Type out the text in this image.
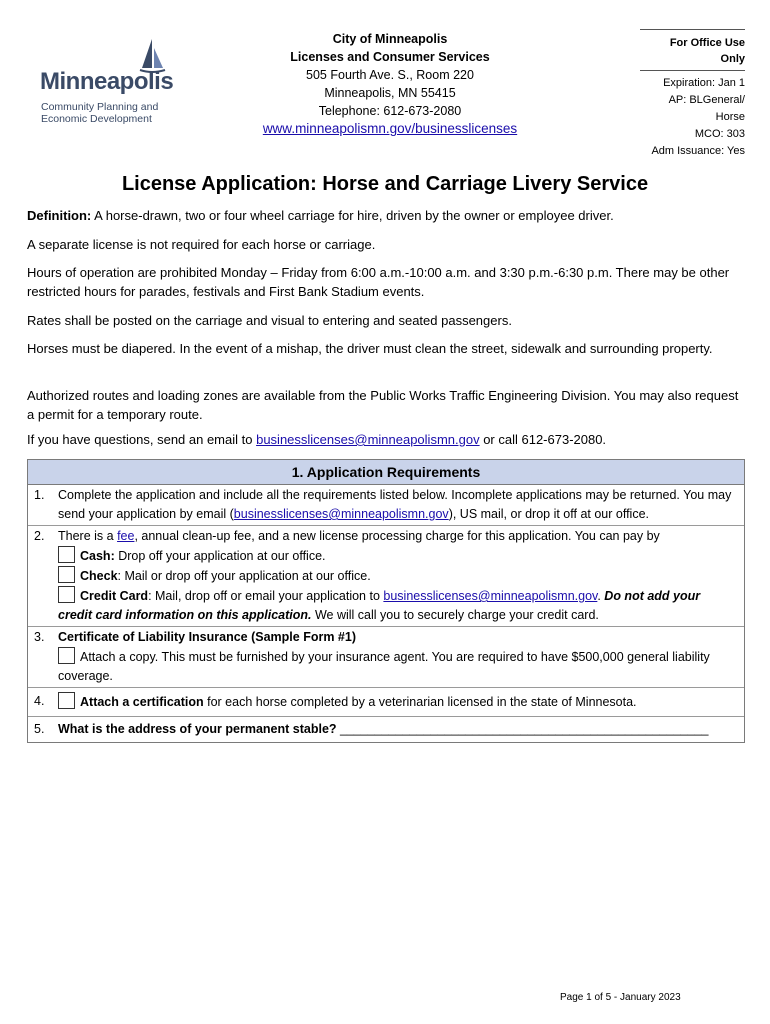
Minneapolis
Community Planning and
Economic Development
City of Minneapolis
Licenses and Consumer Services
505 Fourth Ave. S., Room 220
Minneapolis, MN 55415
Telephone: 612-673-2080
www.minneapolismn.gov/businesslicenses
For Office Use
Only
Expiration: Jan 1
AP: BLGeneral/
Horse
MCO: 303
Adm Issuance: Yes
License Application: Horse and Carriage Livery Service
Definition: A horse-drawn, two or four wheel carriage for hire, driven by the owner or employee driver.
A separate license is not required for each horse or carriage.
Hours of operation are prohibited Monday – Friday from 6:00 a.m.-10:00 a.m. and 3:30 p.m.-6:30 p.m. There may be other restricted hours for parades, festivals and First Bank Stadium events.
Rates shall be posted on the carriage and visual to entering and seated passengers.
Horses must be diapered. In the event of a mishap, the driver must clean the street, sidewalk and surrounding property.
Authorized routes and loading zones are available from the Public Works Traffic Engineering Division. You may also request a permit for a temporary route.
If you have questions, send an email to businesslicenses@minneapolismn.gov or call 612-673-2080.
1. Application Requirements
1.	Complete the application and include all the requirements listed below. Incomplete applications may be returned. You may send your application by email (businesslicenses@minneapolismn.gov), US mail, or drop it off at our office.
2. There is a fee, annual clean-up fee, and a new license processing charge for this application. You can pay by
Cash: Drop off your application at our office.
Check: Mail or drop off your application at our office.
Credit Card: Mail, drop off or email your application to businesslicenses@minneapolismn.gov. Do not add your credit card information on this application. We will call you to securely charge your credit card.
3. Certificate of Liability Insurance (Sample Form #1)
Attach a copy. This must be furnished by your insurance agent. You are required to have $500,000 general liability coverage.
4.	Attach a certification for each horse completed by a veterinarian licensed in the state of Minnesota.
5.	What is the address of your permanent stable? _____________________________________________________
Page 1 of 5 - January 2023
